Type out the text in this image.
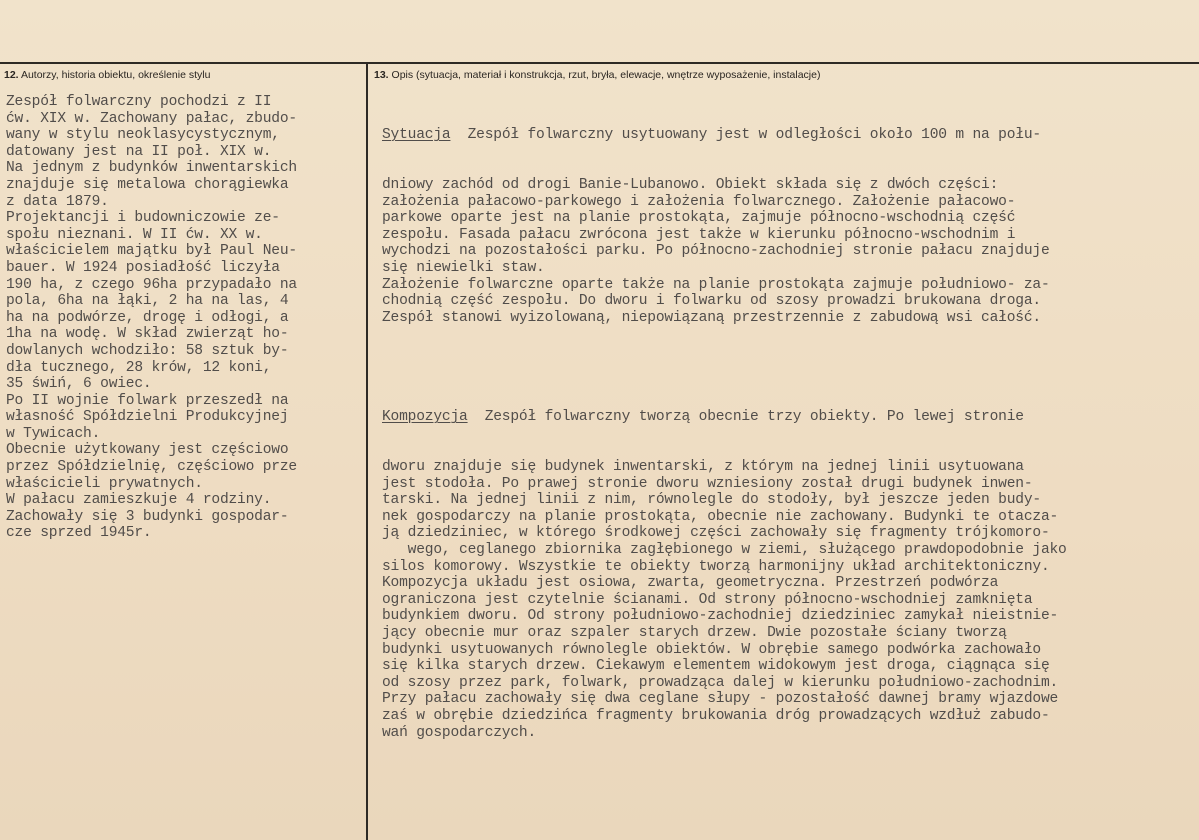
12. Autorzy, historia obiektu, określenie stylu	13. Opis (sytuacja, materiał i konstrukcja, rzut, bryła, elewacje, wnętrze wyposażenie, instalacje)
Zespół folwarczny pochodzi z II
ćw. XIX w. Zachowany pałac, zbudo-
wany w stylu neoklasycystycznym,
datowany jest na II poł. XIX w.
Na jednym z budynków inwentarskich
znajduje się metalowa chorągiewka
z data 1879.
Projektancji i budowniczowie ze-
społu nieznani. W II ćw. XX w.
właścicielem majątku był Paul Neu-
bauer. W 1924 posiadłość liczyła
190 ha, z czego 96ha przypadało na
pola, 6ha na łąki, 2 ha na las, 4
ha na podwórze, drogę i odłogi, a
1ha na wodę. W skład zwierząt ho-
dowlanych wchodziło: 58 sztuk by-
dła tucznego, 28 krów, 12 koni,
35 świń, 6 owiec.
Po II wojnie folwark przeszedł na
własność Spółdzielni Produkcyjnej
w Tywicach.
Obecnie użytkowany jest częściowo
przez Spółdzielnię, częściowo prze
właścicieli prywatnych.
W pałacu zamieszkuje 4 rodziny.
Zachowały się 3 budynki gospodar-
cze sprzed 1945r.

Sytuacja  Zespół folwarczny usytuowany jest w odległości około 100 m na połu-

dniowy zachód od drogi Banie-Lubanowo. Obiekt składa się z dwóch części:
założenia pałacowo-parkowego i założenia folwarcznego. Założenie pałacowo-
parkowe oparte jest na planie prostokąta, zajmuje północno-wschodnią część
zespołu. Fasada pałacu zwrócona jest także w kierunku północno-wschodnim i
wychodzi na pozostałości parku. Po północno-zachodniej stronie pałacu znajduje
się niewielki staw.
Założenie folwarczne oparte także na planie prostokąta zajmuje południowo- za-
chodnią część zespołu. Do dworu i folwarku od szosy prowadzi brukowana droga.
Zespół stanowi wyizolowaną, niepowiązaną przestrzennie z zabudową wsi całość.

Kompozycja  Zespół folwarczny tworzą obecnie trzy obiekty. Po lewej stronie

dworu znajduje się budynek inwentarski, z którym na jednej linii usytuowana
jest stodoła. Po prawej stronie dworu wzniesiony został drugi budynek inwen-
tarski. Na jednej linii z nim, równolegle do stodoły, był jeszcze jeden budy-
nek gospodarczy na planie prostokąta, obecnie nie zachowany. Budynki te otacza-
ją dziedziniec, w którego środkowej części zachowały się fragmenty trójkomoro-
wego, ceglanego zbiornika zagłębionego w ziemi, służącego prawdopodobnie jako
silos komorowy. Wszystkie te obiekty tworzą harmonijny układ architektoniczny.
Kompozycja układu jest osiowa, zwarta, geometryczna. Przestrzeń podwórza
ograniczona jest czytelnie ścianami. Od strony północno-wschodniej zamknięta
budynkiem dworu. Od strony południowo-zachodniej dziedziniec zamykał nieistnie-
jący obecnie mur oraz szpaler starych drzew. Dwie pozostałe ściany tworzą
budynki usytuowanych równolegle obiektów. W obrębie samego podwórka zachowało
się kilka starych drzew. Ciekawym elementem widokowym jest droga, ciągnąca się
od szosy przez park, folwark, prowadząca dalej w kierunku południowo-zachodnim.
Przy pałacu zachowały się dwa ceglane słupy - pozostałość dawnej bramy wjazdowe
zaś w obrębie dziedzińca fragmenty brukowania dróg prowadzących wzdłuż zabudo-
wań gospodarczych.
